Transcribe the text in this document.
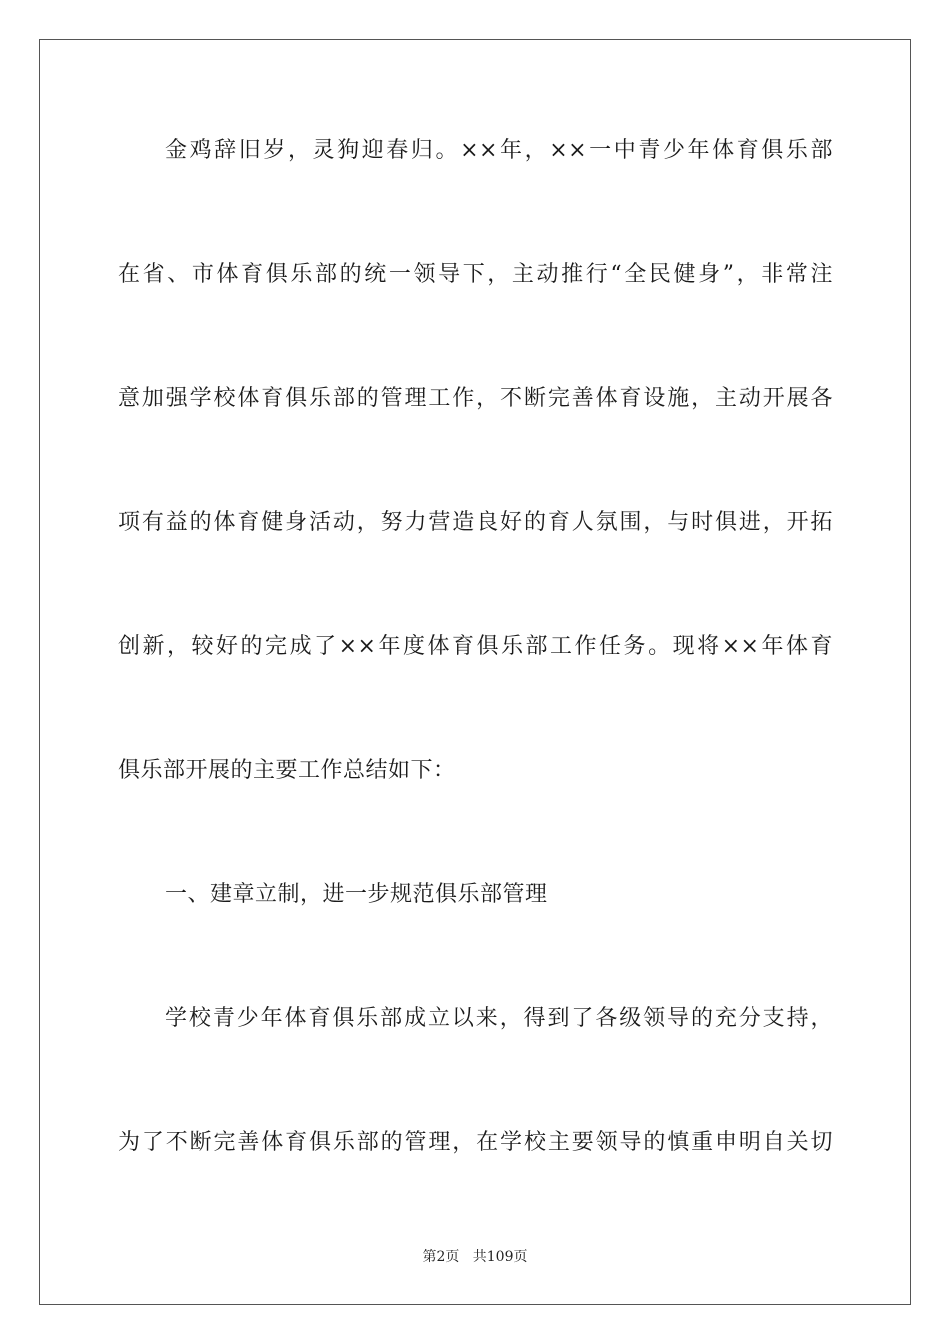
金鸡辞旧岁，灵狗迎春归。××年，××一中青少年体育俱乐部
在省、市体育俱乐部的统一领导下，主动推行“全民健身”，非常注
意加强学校体育俱乐部的管理工作，不断完善体育设施，主动开展各
项有益的体育健身活动，努力营造良好的育人氛围，与时俱进，开拓
创新，较好的完成了××年度体育俱乐部工作任务。现将××年体育
俱乐部开展的主要工作总结如下：
一、建章立制，进一步规范俱乐部管理
学校青少年体育俱乐部成立以来，得到了各级领导的充分支持，
为了不断完善体育俱乐部的管理，在学校主要领导的慎重申明自关切
第2页 共109页
